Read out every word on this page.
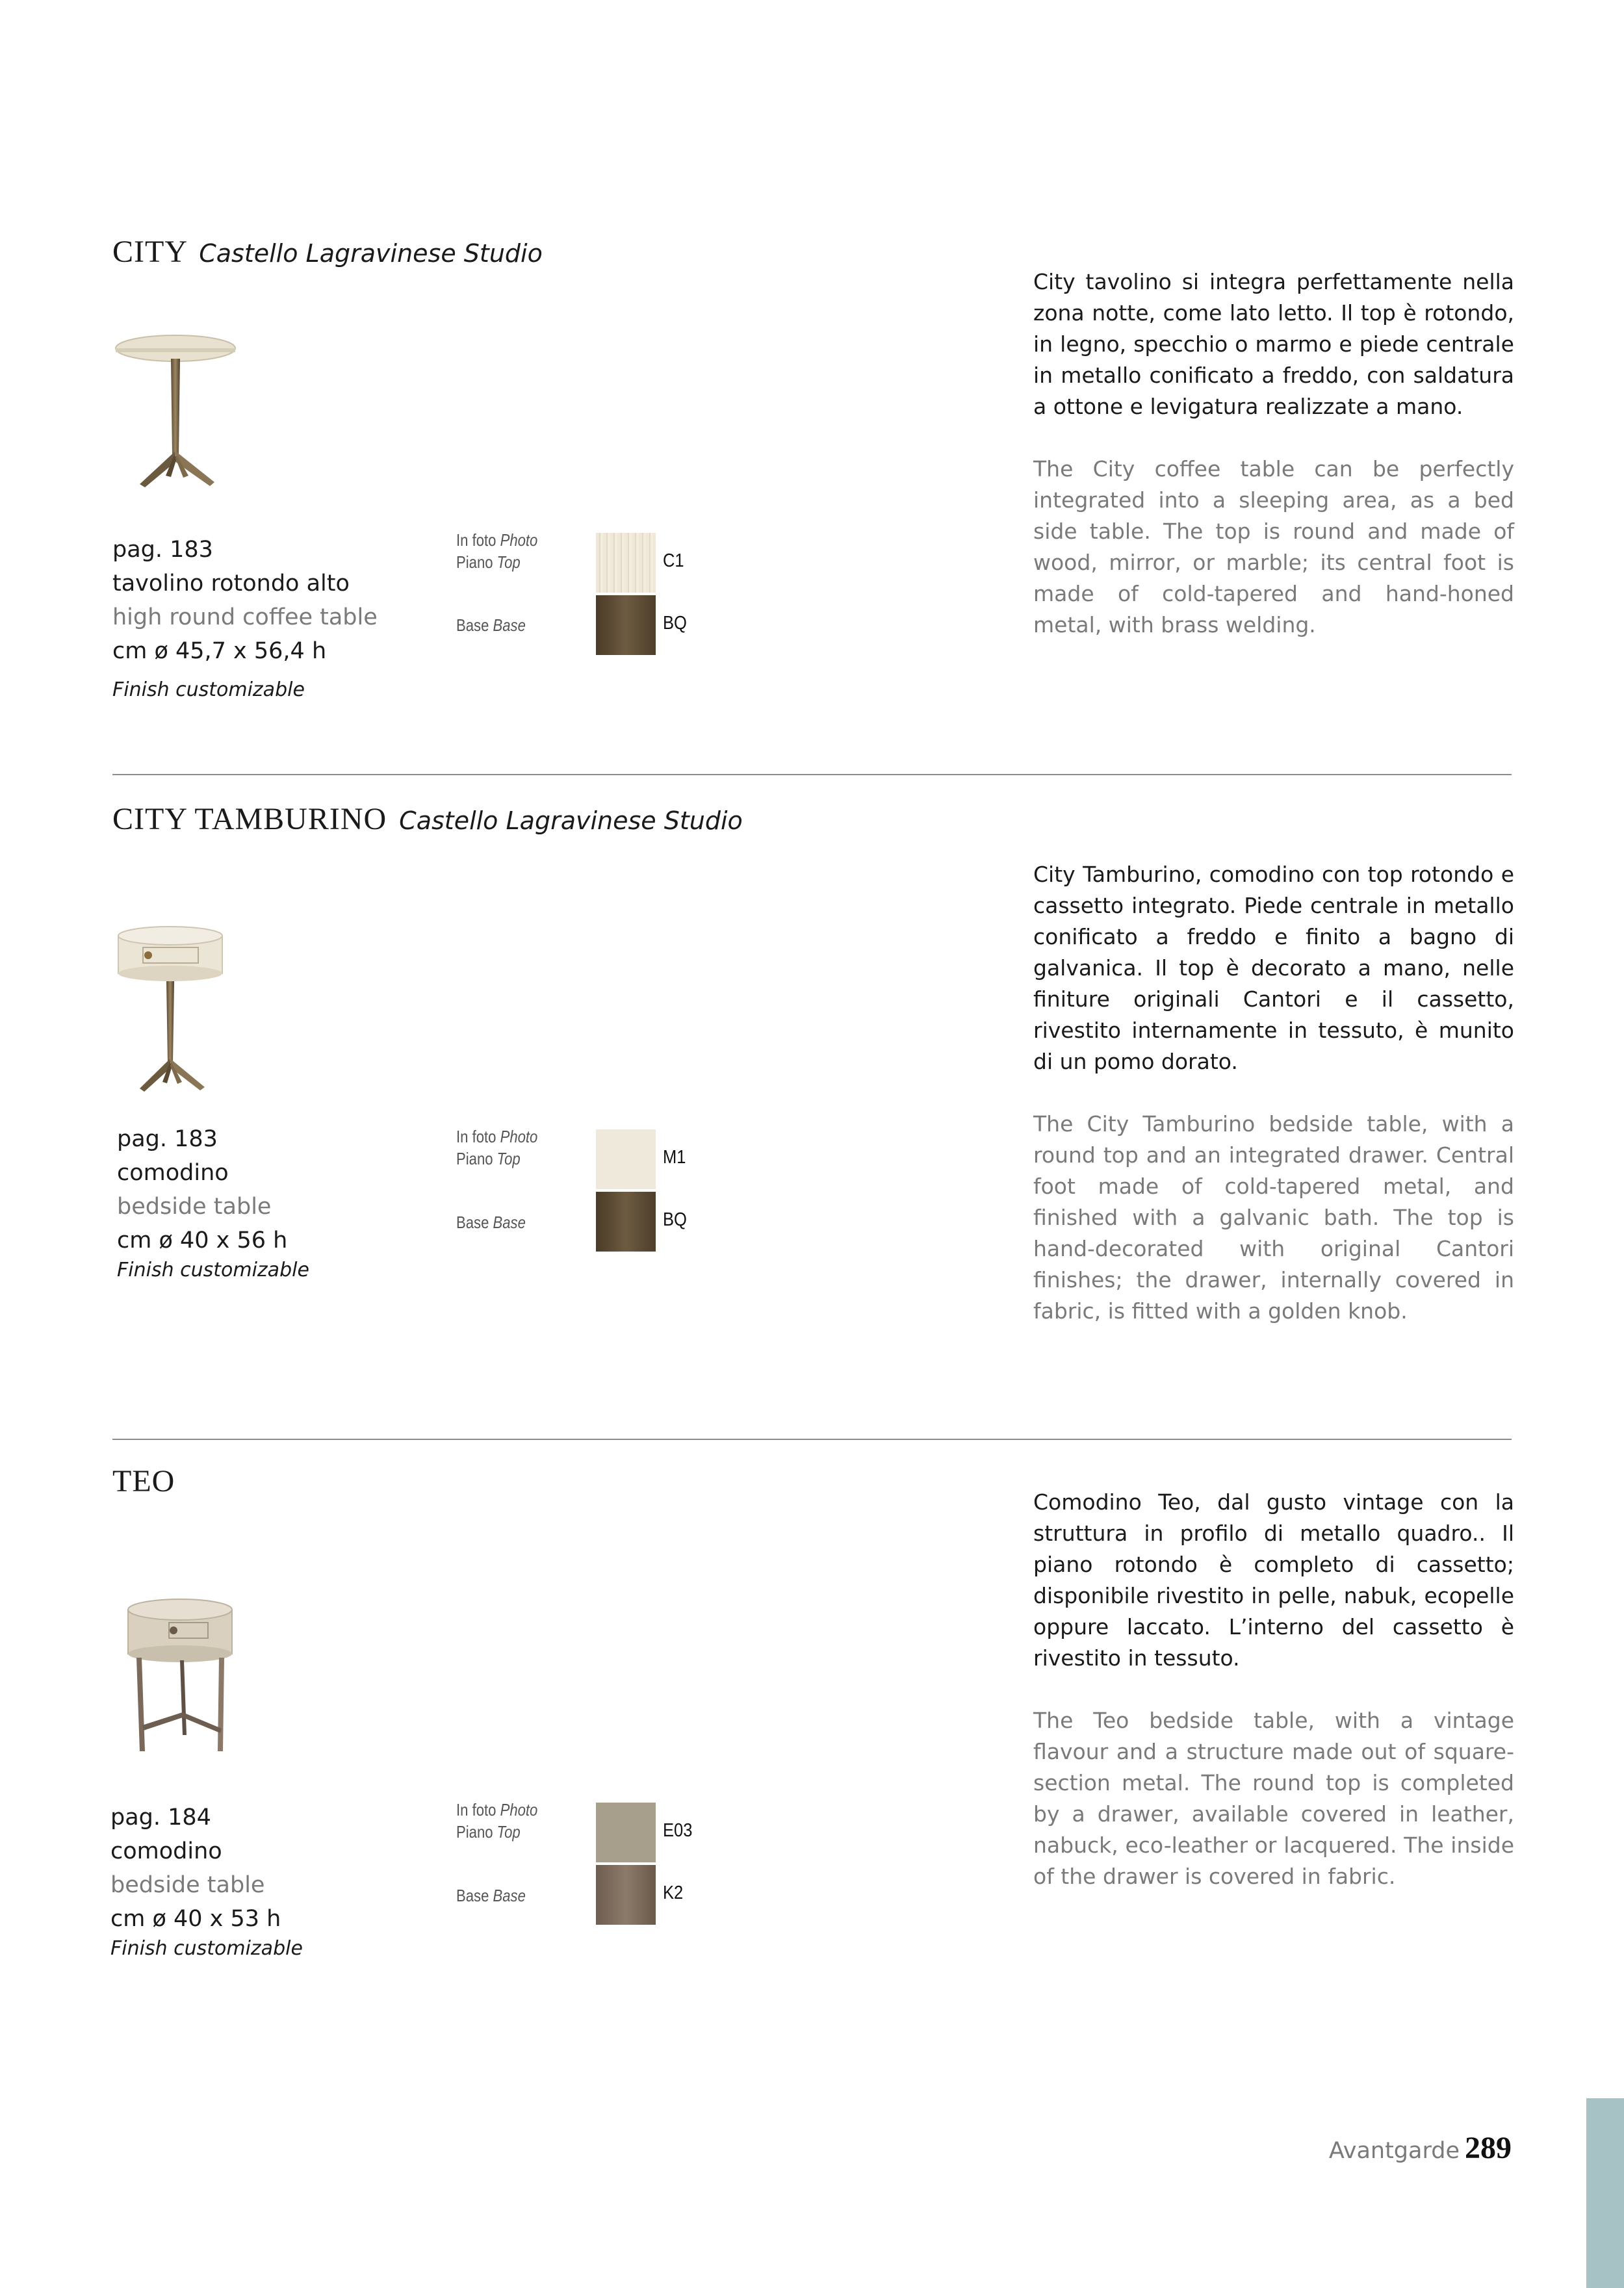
CITY Castello Lagravinese Studio
pag. 183
tavolino rotondo alto
high round coffee table
cm ø 45,7 x 56,4 h
Finish customizable
In foto Photo
Piano Top
Base Base
C1
BQ
City tavolino si integra perfettamente nella zona notte, come lato letto. Il top è rotondo, in legno, specchio o marmo e piede centrale in metallo conificato a freddo, con saldatura a ottone e levigatura realizzate a mano.
The City coffee table can be perfectly integrated into a sleeping area, as a bed side table. The top is round and made of wood, mirror, or marble; its central foot is made of cold-tapered and hand-honed metal, with brass welding.
CITY TAMBURINO Castello Lagravinese Studio
pag. 183
comodino
bedside table
cm ø 40 x 56 h
Finish customizable
In foto Photo
Piano Top
Base Base
M1
BQ
City Tamburino, comodino con top rotondo e cassetto integrato. Piede centrale in metallo conificato a freddo e finito a bagno di galvanica. Il top è decorato a mano, nelle finiture originali Cantori e il cassetto, rivestito internamente in tessuto, è munito di un pomo dorato.
The City Tamburino bedside table, with a round top and an integrated drawer. Central foot made of cold-tapered metal, and finished with a galvanic bath. The top is hand-decorated with original Cantori finishes; the drawer, internally covered in fabric, is fitted with a golden knob.
TEO
pag. 184
comodino
bedside table
cm ø 40 x 53 h
Finish customizable
In foto Photo
Piano Top
Base Base
E03
K2
Comodino Teo, dal gusto vintage con la struttura in profilo di metallo quadro.. Il piano rotondo è completo di cassetto; disponibile rivestito in pelle, nabuk, ecopelle oppure laccato. L’interno del cassetto è rivestito in tessuto.
The Teo bedside table, with a vintage flavour and a structure made out of square-section metal. The round top is completed by a drawer, available covered in leather, nabuck, eco-leather or lacquered. The inside of the drawer is covered in fabric.
Avantgarde 289
